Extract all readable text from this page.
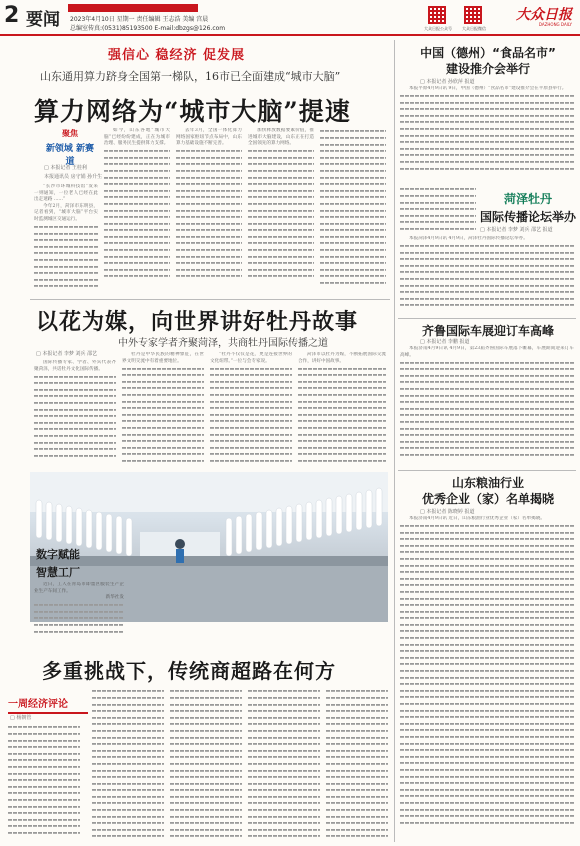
2 要闻 2023年4月10日 星期一 责任编辑 王志浩 美编 宫晨
总编室传真:(0531)85193500 E-mail:dbzgs@126.com	大众日报公众号	大众日报微信
大众日报
DAZHONG DAILY
强信心 稳经济 促发展
山东通用算力跻身全国第一梯队，16市已全面建成“城市大脑”
算力网络为“城市大脑”提速
聚焦
新领域 新赛道
□ 本报记者 王桂利
本报通讯员 房守娟 孙升生

“长沙市环城科技馆”发来一则通知，一位老人已经在此出走迷路 ……”

今年2月，菏泽市东明县，记者看到，“城市大脑”平台实时监测城区交通运行。

如今，山东各地“城市大脑”已经纷纷建成，正在为城市治理、服务民生提供算力支撑。

去年3月，全国一体化算力网络国家枢纽节点布局中，山东算力基础设施不断完善。

加快释放数据要素价值，推进城市大脑建设，山东正在打造全国领先的算力网络。

以花为媒，向世界讲好牡丹故事
中外专家学者齐聚菏泽，共商牡丹国际传播之道
□ 本报记者 李梦 刘兵 邵艺

国际传播专家、学者、外宾代表齐聚菏泽，共话牡丹文化国际传播。

牡丹是中华民族的精神象征，在世界文明交流中有着重要地位。

“牡丹不仅仅是花，更是连接世界的文化纽带。”一位与会专家说。

菏泽市以牡丹为媒，不断拓展国际交流合作，讲好中国故事。

数字赋能
智慧工厂

近日，工人在青岛市即墨区服装生产企业生产车间工作。

新华社发

多重挑战下，传统商超路在何方
一周经济评论
□ 杨朝管
中国（德州）“食品名市”
建设推介会举行
□ 本报记者 孙欣萍 报道

本报平原4月9日讯 9日，中国（德州）“食品名市”建设推介会在平原县举行。

菏泽牡丹
国际传播论坛举办
□ 本报记者 李梦 刘兵 邵艺 报道

本报菏泽4月9日讯 4月9日，菏泽牡丹国际传播论坛举办。

齐鲁国际车展迎订车高峰
□ 本报记者 李鹏 报道

本报济南4月9日讯 4月9日，第23届齐鲁国际车展落下帷幕，车展期间迎来订车高峰。

山东粮油行业
优秀企业（家）名单揭晓
□ 本报记者 陈晓婷 报道

本报济南4月9日讯 近日，山东粮油行业优秀企业（家）名单揭晓。
